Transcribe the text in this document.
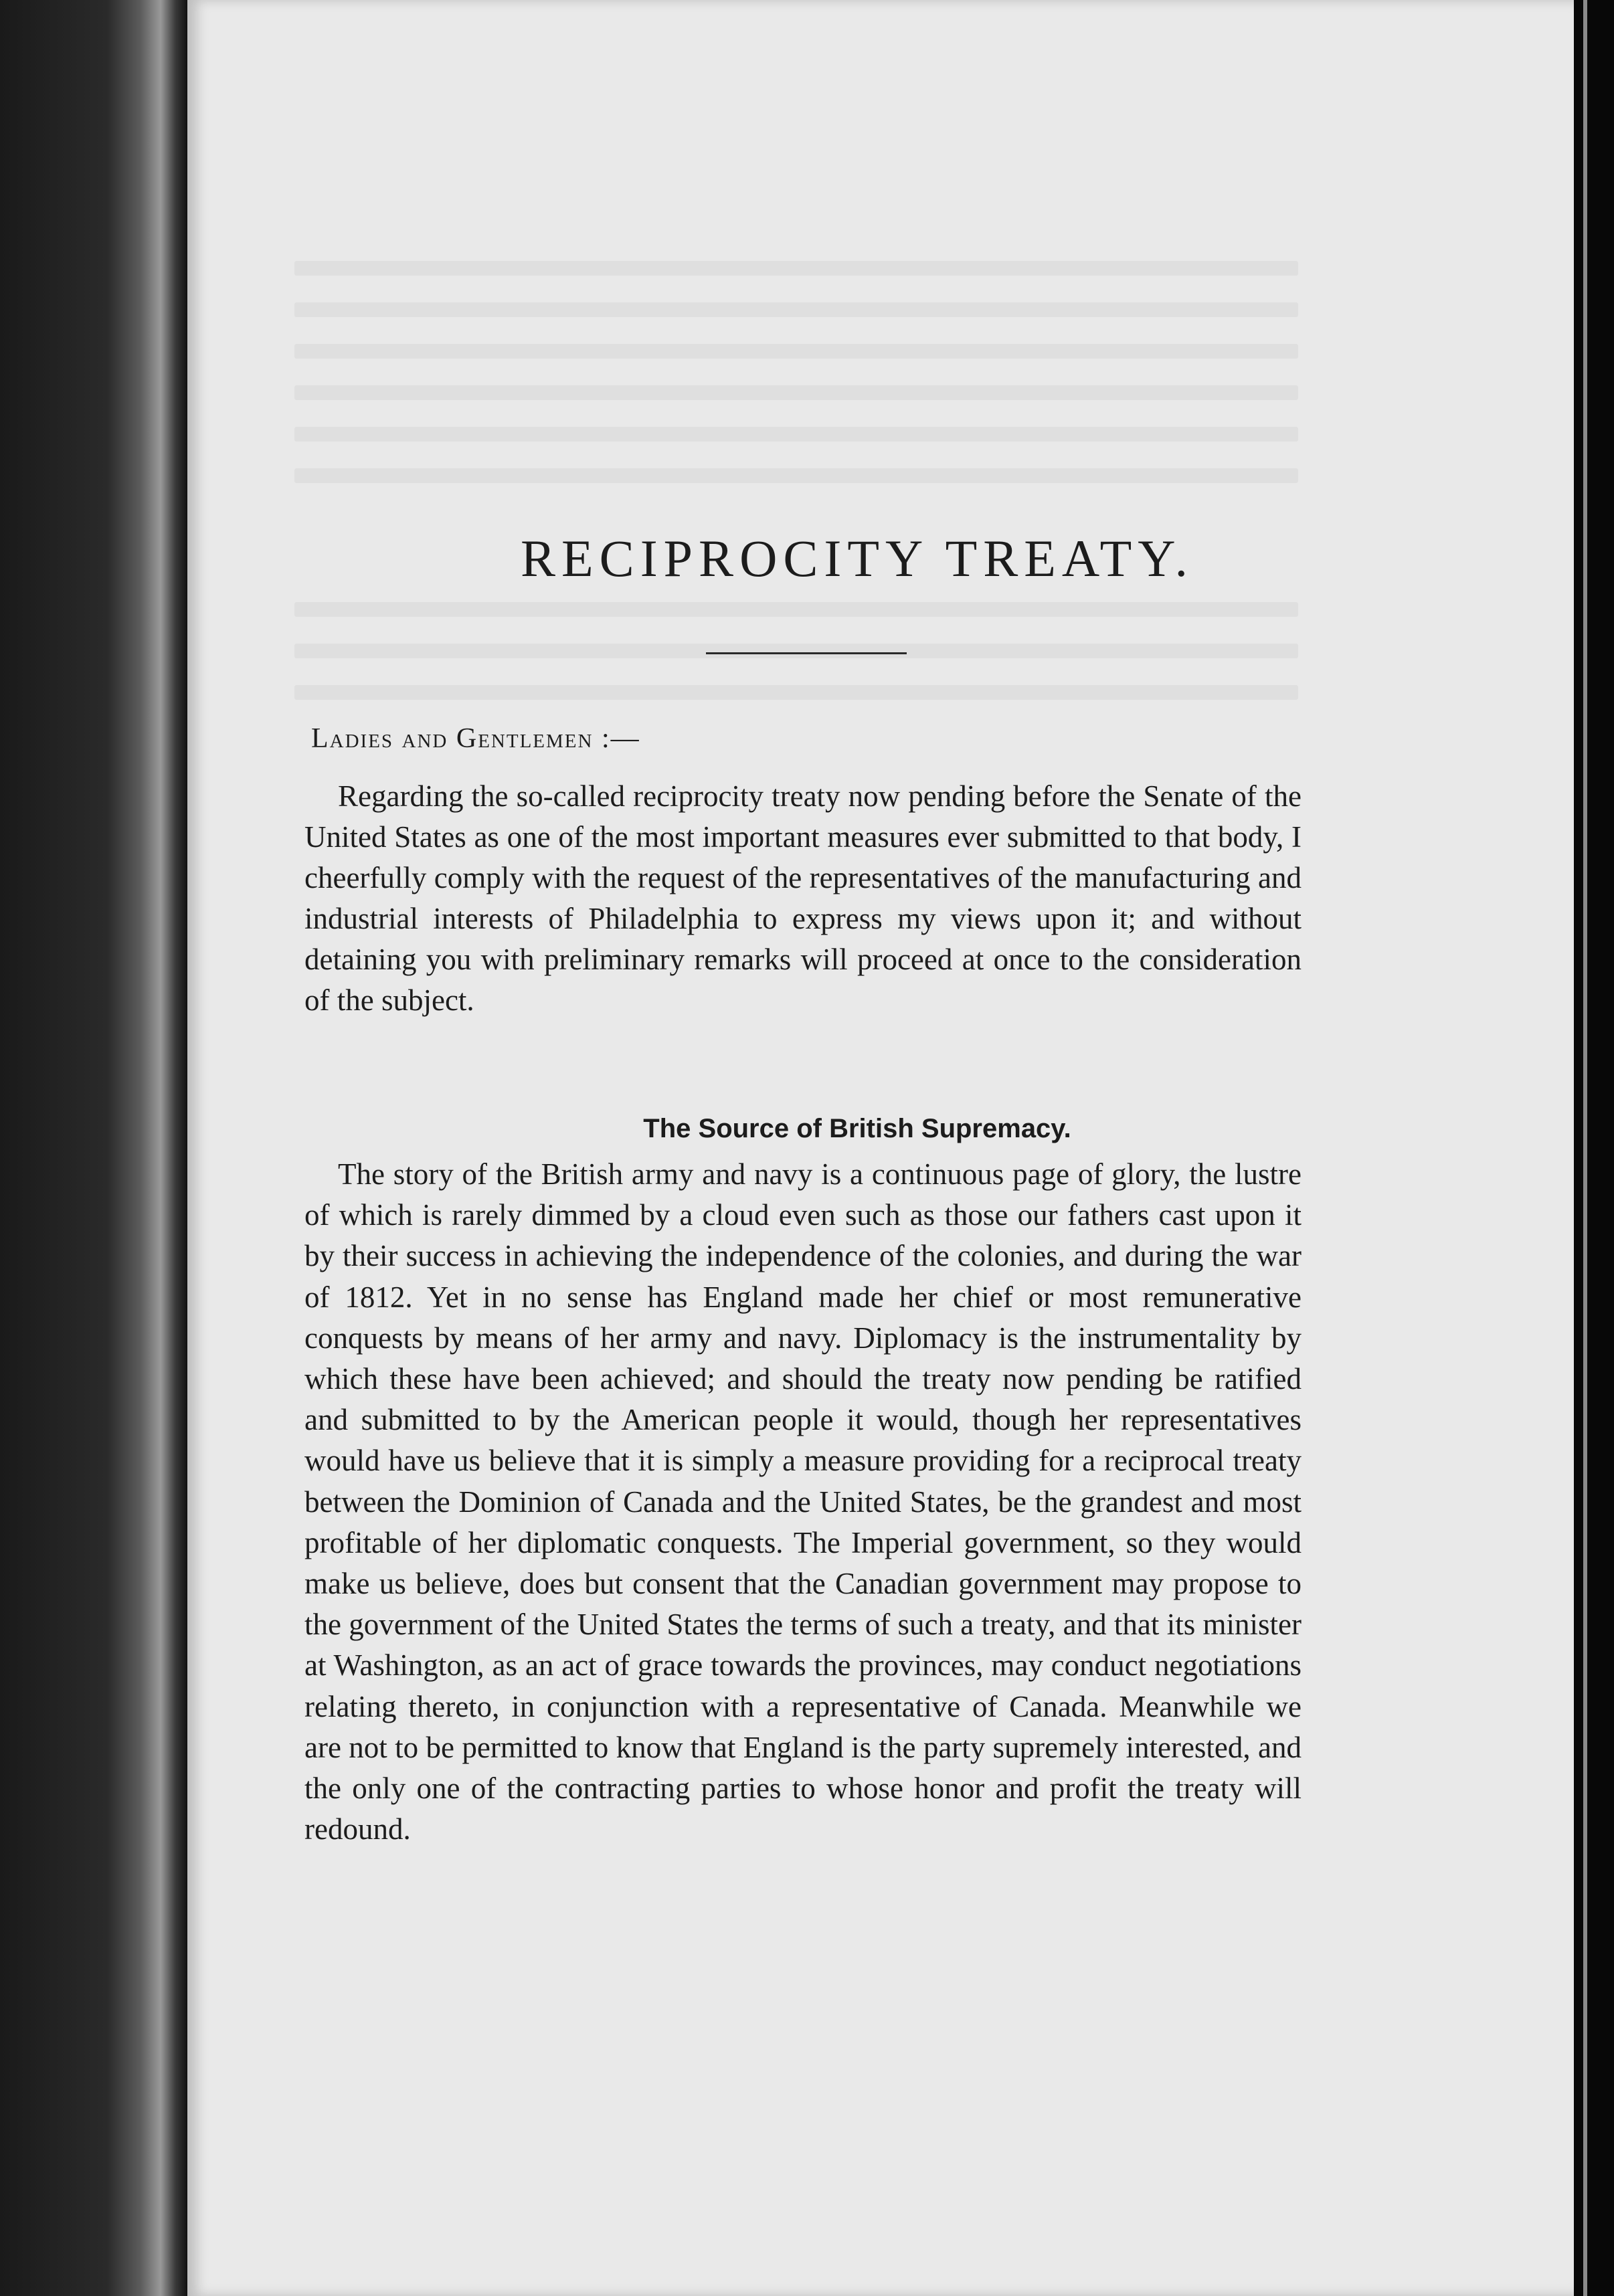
RECIPROCITY TREATY.

Ladies and Gentlemen :—

Regarding the so-called reciprocity treaty now pending before the Senate of the United States as one of the most important measures ever submitted to that body, I cheerfully comply with the request of the representatives of the manufacturing and industrial interests of Philadelphia to express my views upon it; and without detaining you with preliminary remarks will proceed at once to the consideration of the subject.

The Source of British Supremacy.

The story of the British army and navy is a continuous page of glory, the lustre of which is rarely dimmed by a cloud even such as those our fathers cast upon it by their success in achieving the independence of the colonies, and during the war of 1812. Yet in no sense has England made her chief or most remunerative conquests by means of her army and navy. Diplomacy is the instrumentality by which these have been achieved; and should the treaty now pending be ratified and submitted to by the American people it would, though her representatives would have us believe that it is simply a measure providing for a reciprocal treaty between the Dominion of Canada and the United States, be the grandest and most profitable of her diplomatic conquests. The Imperial government, so they would make us believe, does but consent that the Canadian government may propose to the government of the United States the terms of such a treaty, and that its minister at Washington, as an act of grace towards the provinces, may conduct negotiations relating thereto, in conjunction with a representative of Canada. Meanwhile we are not to be permitted to know that England is the party supremely interested, and the only one of the contracting parties to whose honor and profit the treaty will redound.
